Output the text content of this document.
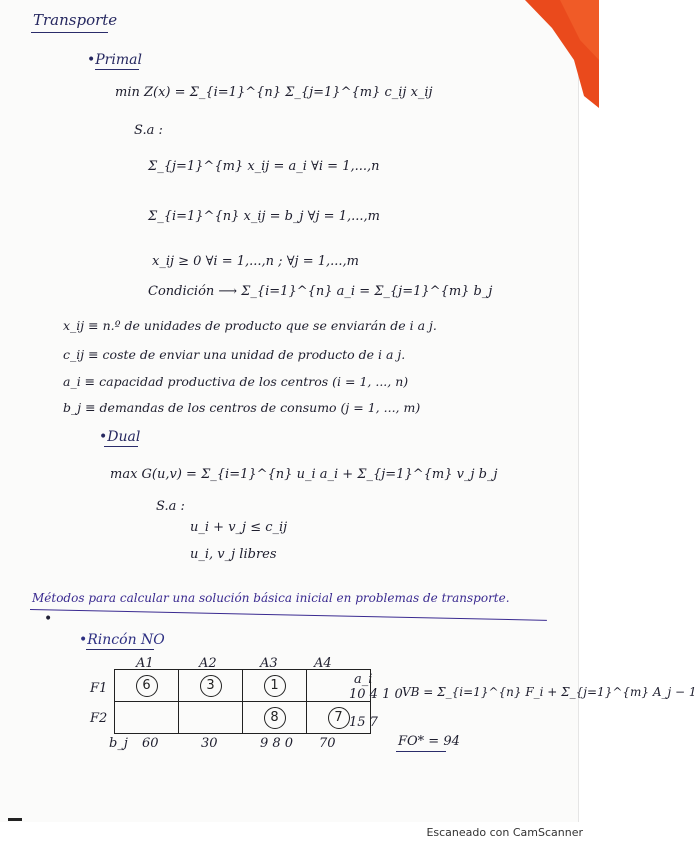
Transporte
•Primal
min Z(x) = Σ_{i=1}^{n} Σ_{j=1}^{m} c_ij x_ij
S.a :
Σ_{j=1}^{m} x_ij = a_i ∀i = 1,...,n
Σ_{i=1}^{n} x_ij = b_j ∀j = 1,...,m
x_ij ≥ 0 ∀i = 1,...,n ; ∀j = 1,...,m
Condición ⟶ Σ_{i=1}^{n} a_i = Σ_{j=1}^{m} b_j
x_ij ≡ n.º de unidades de producto que se enviarán de i a j.
c_ij ≡ coste de enviar una unidad de producto de i a j.
a_i ≡ capacidad productiva de los centros (i = 1, ..., n)
b_j ≡ demandas de los centros de consumo (j = 1, ..., m)
•Dual
max G(u,v) = Σ_{i=1}^{n} u_i a_i + Σ_{j=1}^{m} v_j b_j
S.a :
u_i + v_j ≤ c_ij
u_i, v_j libres
Métodos para calcular una solución básica inicial en problemas de transporte.
•
•Rincón NO
A1	A2	A3	A4
a_i
F1
F2
6	3	1	
		8	7
10 4 1 0
15 7
b_j 60	30	9 8 0 70
VB = Σ_{i=1}^{n} F_i + Σ_{j=1}^{m} A_j − 1
FO* = 94
Escaneado con CamScanner
